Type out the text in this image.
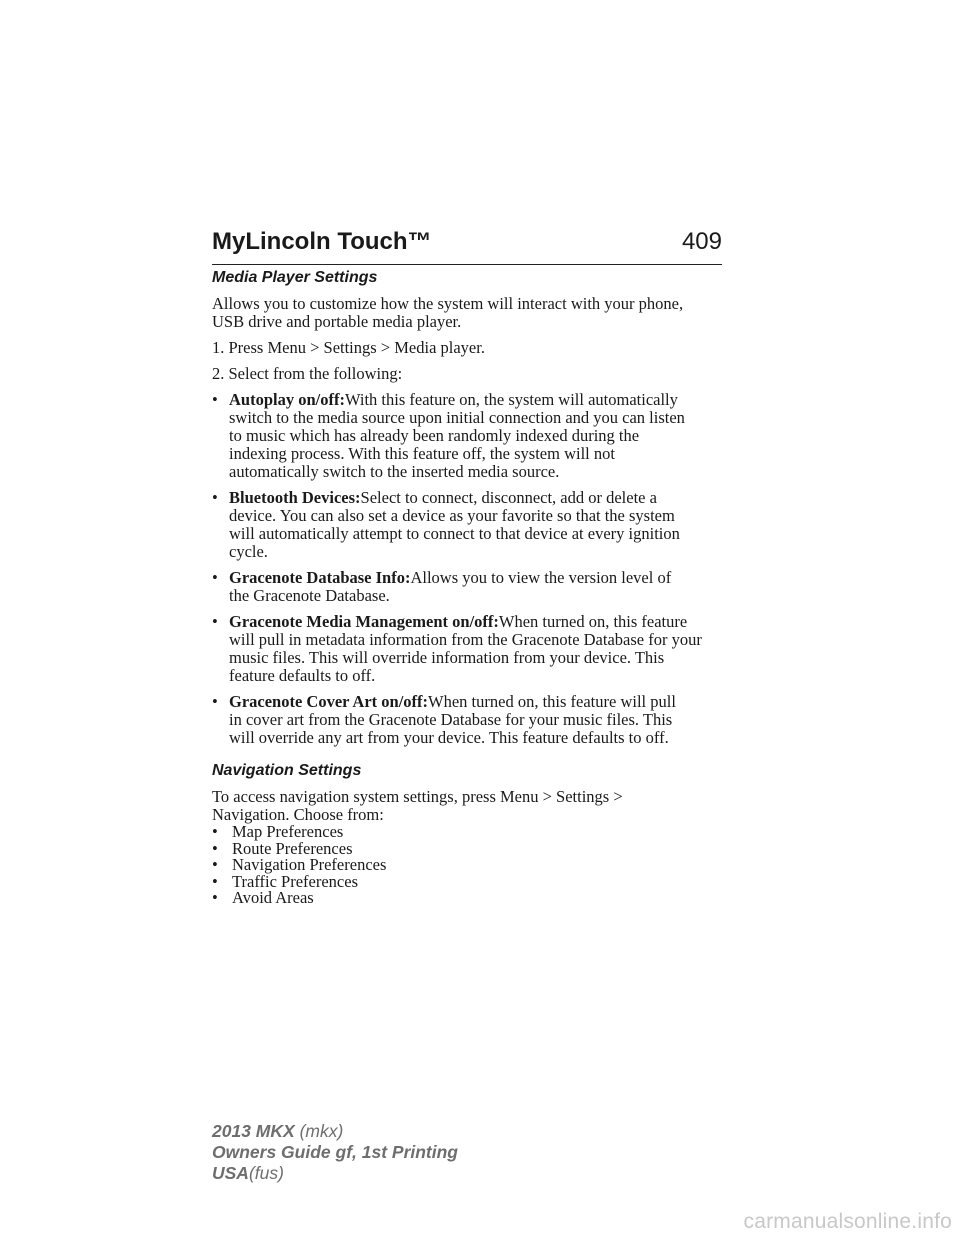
MyLincoln Touch™	409
Media Player Settings
Allows you to customize how the system will interact with your phone,
USB drive and portable media player.
1. Press Menu > Settings > Media player.
2. Select from the following:
• Autoplay on/off:With this feature on, the system will automatically
switch to the media source upon initial connection and you can listen
to music which has already been randomly indexed during the
indexing process. With this feature off, the system will not
automatically switch to the inserted media source.
• Bluetooth Devices:Select to connect, disconnect, add or delete a
device. You can also set a device as your favorite so that the system
will automatically attempt to connect to that device at every ignition
cycle.
• Gracenote Database Info:Allows you to view the version level of
the Gracenote Database.
• Gracenote Media Management on/off:When turned on, this feature
will pull in metadata information from the Gracenote Database for your
music files. This will override information from your device. This
feature defaults to off.
• Gracenote Cover Art on/off:When turned on, this feature will pull
in cover art from the Gracenote Database for your music files. This
will override any art from your device. This feature defaults to off.
Navigation Settings
To access navigation system settings, press Menu > Settings >
Navigation. Choose from:
• Map Preferences
• Route Preferences
• Navigation Preferences
• Traffic Preferences
• Avoid Areas
2013 MKX (mkx)
Owners Guide gf, 1st Printing
USA(fus)
carmanualsonline.info
